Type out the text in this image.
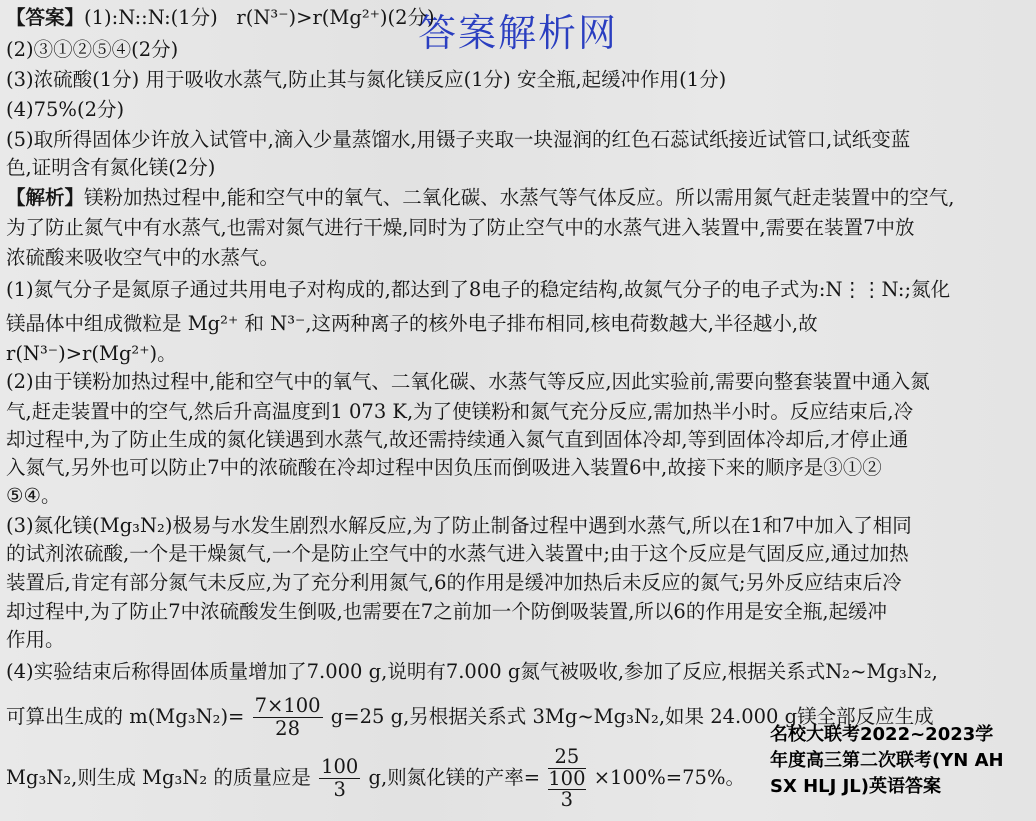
答案解析网
【答案】(1):N::N:(1分) r(N³⁻)>r(Mg²⁺)(2分)
(2)③①②⑤④(2分)
(3)浓硫酸(1分) 用于吸收水蒸气,防止其与氮化镁反应(1分) 安全瓶,起缓冲作用(1分)
(4)75%(2分)
(5)取所得固体少许放入试管中,滴入少量蒸馏水,用镊子夹取一块湿润的红色石蕊试纸接近试管口,试纸变蓝
色,证明含有氮化镁(2分)
【解析】镁粉加热过程中,能和空气中的氧气、二氧化碳、水蒸气等气体反应。所以需用氮气赶走装置中的空气,
为了防止氮气中有水蒸气,也需对氮气进行干燥,同时为了防止空气中的水蒸气进入装置中,需要在装置7中放
浓硫酸来吸收空气中的水蒸气。
(1)氮气分子是氮原子通过共用电子对构成的,都达到了8电子的稳定结构,故氮气分子的电子式为:N⋮⋮N:;氮化
镁晶体中组成微粒是 Mg²⁺ 和 N³⁻,这两种离子的核外电子排布相同,核电荷数越大,半径越小,故
r(N³⁻)>r(Mg²⁺)。
(2)由于镁粉加热过程中,能和空气中的氧气、二氧化碳、水蒸气等反应,因此实验前,需要向整套装置中通入氮
气,赶走装置中的空气,然后升高温度到1 073 K,为了使镁粉和氮气充分反应,需加热半小时。反应结束后,冷
却过程中,为了防止生成的氮化镁遇到水蒸气,故还需持续通入氮气直到固体冷却,等到固体冷却后,才停止通
入氮气,另外也可以防止7中的浓硫酸在冷却过程中因负压而倒吸进入装置6中,故接下来的顺序是③①②
⑤④。
(3)氮化镁(Mg₃N₂)极易与水发生剧烈水解反应,为了防止制备过程中遇到水蒸气,所以在1和7中加入了相同
的试剂浓硫酸,一个是干燥氮气,一个是防止空气中的水蒸气进入装置中;由于这个反应是气固反应,通过加热
装置后,肯定有部分氮气未反应,为了充分利用氮气,6的作用是缓冲加热后未反应的氮气;另外反应结束后冷
却过程中,为了防止7中浓硫酸发生倒吸,也需要在7之前加一个防倒吸装置,所以6的作用是安全瓶,起缓冲
作用。
(4)实验结束后称得固体质量增加了7.000 g,说明有7.000 g氮气被吸收,参加了反应,根据关系式N₂~Mg₃N₂,
可算出生成的 $m(Mg_3N_2)= \frac{7\times 100}{28} g=25$ g,另根据关系式 3Mg~Mg₃N₂,如果 24.000 g镁全部反应生成
Mg₃N₂,则生成 Mg₃N₂ 的质量应是 $\frac{100}{3} g$,则氮化镁的产率= $\frac{25}{\frac{100}{3}} \times 100\%=75\%$。
名校大联考2022~2023学
年度高三第二次联考(YN AH
SX HLJ JL)英语答案
